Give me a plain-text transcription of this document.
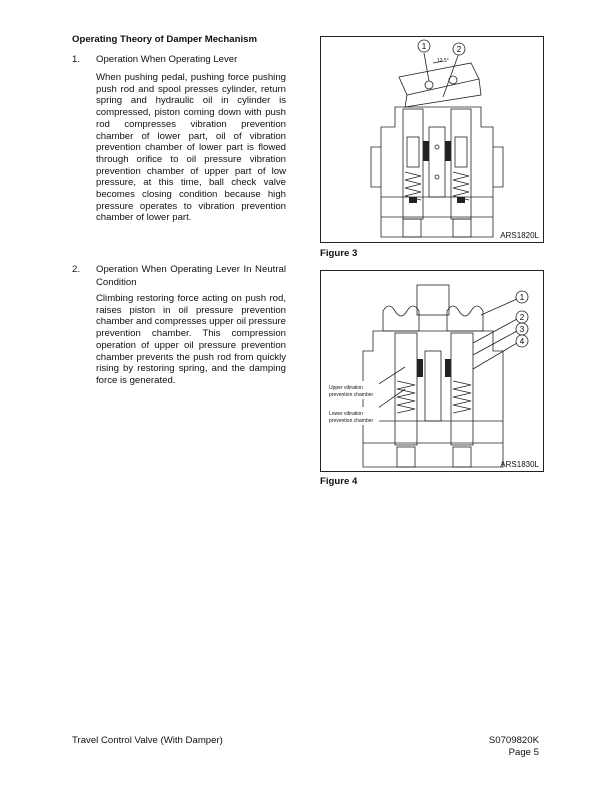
Operating Theory of Damper Mechanism
1. Operation When Operating Lever
When pushing pedal, pushing force pushing push rod and spool presses cylinder, return spring and hydraulic oil in cylinder is compressed, piston coming down with push rod compresses vibration prevention chamber of lower part, oil of vibration prevention chamber of lower part is flowed through orifice to oil pressure vibration prevention chamber of upper part of low pressure, at this time, ball check valve becomes closing condition because high pressure operates to vibration prevention chamber of lower part.
2. Operation When Operating Lever In Neutral Condition
Climbing restoring force acting on push rod, raises piston in oil pressure prevention chamber and compresses upper oil pressure prevention chamber. This compression operation of upper oil pressure prevention chamber prevents the push rod from quickly rising by restoring spring, and the damping force is generated.
1	2
12.5°
ARS1820L
Figure 3
1
2
3
4
Upper vibration
prevention chamber
Lower vibration
prevention chamber
ARS1830L
Figure 4
Travel Control Valve (With Damper)	S0709820K
Page 5
